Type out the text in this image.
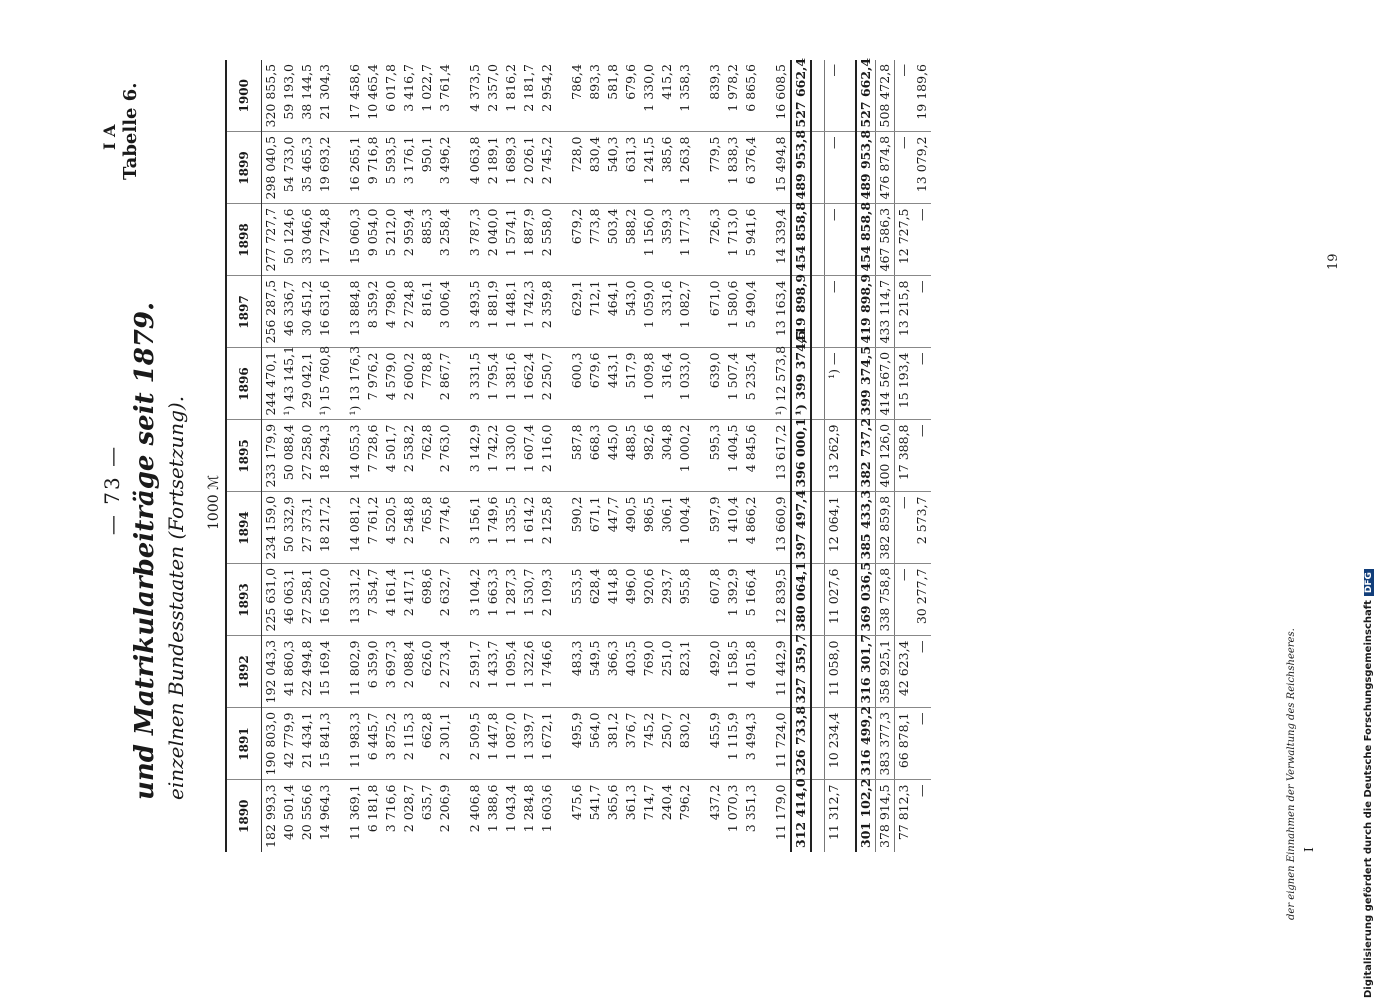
— 73 —
I A Tabelle 6.
und Matrikularbeiträge seit 1879. einzelnen Bundesstaaten (Fortsetzung). 1000 ℳ
1890	1891	1892	1893	1894	1895	1896	1897	1898	1899	1900
182 993,3	190 803,0	192 043,3	225 631,0	234 159,0	233 179,9	244 470,1	256 287,5	277 727,7	298 040,5	320 855,5
40 501,4	42 779,9	41 860,3	46 063,1	50 332,9	50 088,4	¹) 43 145,1	46 336,7	50 124,6	54 733,0	59 193,0
20 556,6	21 434,1	22 494,8	27 258,1	27 373,1	27 258,0	29 042,1	30 451,2	33 046,6	35 465,3	38 144,5
14 964,3	15 841,3	15 169,4	16 502,0	18 217,2	18 294,3	¹) 15 760,8	16 631,6	17 724,8	19 693,2	21 304,3

11 369,1	11 983,3	11 802,9	13 331,2	14 081,2	14 055,3	¹) 13 176,3	13 884,8	15 060,3	16 265,1	17 458,6
6 181,8	6 445,7	6 359,0	7 354,7	7 761,2	7 728,6	7 976,2	8 359,2	9 054,0	9 716,8	10 465,4
3 716,6	3 875,2	3 697,3	4 161,4	4 520,5	4 501,7	4 579,0	4 798,0	5 212,0	5 593,5	6 017,8
2 028,7	2 115,3	2 088,4	2 417,1	2 548,8	2 538,2	2 600,2	2 724,8	2 959,4	3 176,1	3 416,7
635,7	662,8	626,0	698,6	765,8	762,8	778,8	816,1	885,3	950,1	1 022,7
2 206,9	2 301,1	2 273,4	2 632,7	2 774,6	2 763,0	2 867,7	3 006,4	3 258,4	3 496,2	3 761,4

2 406,8	2 509,5	2 591,7	3 104,2	3 156,1	3 142,9	3 331,5	3 493,5	3 787,3	4 063,8	4 373,5
1 388,6	1 447,8	1 433,7	1 663,3	1 749,6	1 742,2	1 795,4	1 881,9	2 040,0	2 189,1	2 357,0
1 043,4	1 087,0	1 095,4	1 287,3	1 335,5	1 330,0	1 381,6	1 448,1	1 574,1	1 689,3	1 816,2
1 284,8	1 339,7	1 322,6	1 530,7	1 614,2	1 607,4	1 662,4	1 742,3	1 887,9	2 026,1	2 181,7
1 603,6	1 672,1	1 746,6	2 109,3	2 125,8	2 116,0	2 250,7	2 359,8	2 558,0	2 745,2	2 954,2

475,6	495,9	483,3	553,5	590,2	587,8	600,3	629,1	679,2	728,0	786,4
541,7	564,0	549,5	628,4	671,1	668,3	679,6	712,1	773,8	830,4	893,3
365,6	381,2	366,3	414,8	447,7	445,0	443,1	464,1	503,4	540,3	581,8
361,3	376,7	403,5	496,0	490,5	488,5	517,9	543,0	588,2	631,3	679,6
714,7	745,2	769,0	920,6	986,5	982,6	1 009,8	1 059,0	1 156,0	1 241,5	1 330,0
240,4	250,7	251,0	293,7	306,1	304,8	316,4	331,6	359,3	385,6	415,2
796,2	830,2	823,1	955,8	1 004,4	1 000,2	1 033,0	1 082,7	1 177,3	1 263,8	1 358,3

437,2	455,9	492,0	607,8	597,9	595,3	639,0	671,0	726,3	779,5	839,3
1 070,3	1 115,9	1 158,5	1 392,9	1 410,4	1 404,5	1 507,4	1 580,6	1 713,0	1 838,3	1 978,2
3 351,3	3 494,3	4 015,8	5 166,4	4 866,2	4 845,6	5 235,4	5 490,4	5 941,6	6 376,4	6 865,6

11 179,0	11 724,0	11 442,9	12 839,5	13 660,9	13 617,2	¹) 12 573,8	13 163,4	14 339,4	15 494,8	16 608,5
312 414,0	326 733,8	327 359,7	380 064,1	397 497,4	396 000,1	¹) 399 374,5	419 898,9	454 858,8	489 953,8	527 662,4

11 312,7	10 234,4	11 058,0	11 027,6	12 064,1	13 262,9	¹) —	—	—	—	—

301 102,2	316 499,2	316 301,7	369 036,5	385 433,3	382 737,2	399 374,5	419 898,9	454 858,8	489 953,8	527 662,4
378 914,5	383 377,3	358 925,1	338 758,8	382 859,8	400 126,0	414 567,0	433 114,7	467 586,3	476 874,8	508 472,8
77 812,3	66 878,1	42 623,4	—	—	17 388,8	15 193,4	13 215,8	12 727,5	—	—
—	—	—	30 277,7	2 573,7	—	—	—	—	13 079,2	19 189,6
der eignen Einnahmen der Verwaltung des Reichsheeres. I
19
Digitalisierung gefördert durch die Deutsche ForschungsgemeinschaftDFG
